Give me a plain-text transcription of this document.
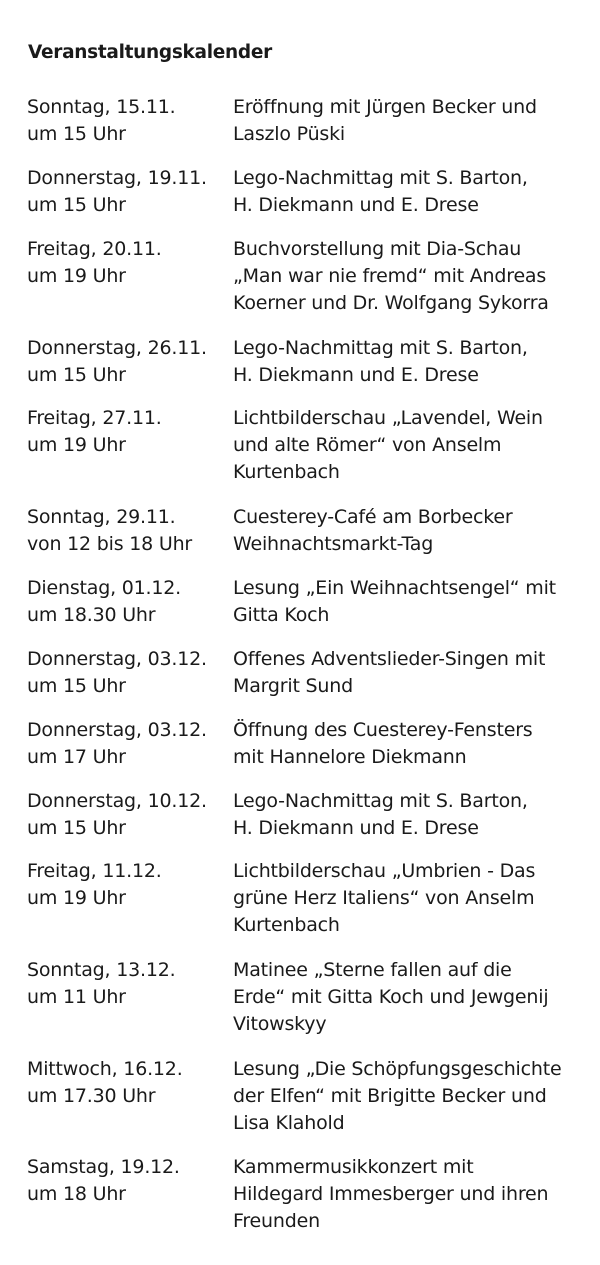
Veranstaltungskalender
Sonntag, 15.11.
um 15 Uhr
Eröffnung mit Jürgen Becker und
Laszlo Püski
Donnerstag, 19.11.
um 15 Uhr
Lego-Nachmittag mit S. Barton,
H. Diekmann und E. Drese
Freitag, 20.11.
um 19 Uhr
Buchvorstellung mit Dia-Schau
„Man war nie fremd“ mit Andreas
Koerner und Dr. Wolfgang Sykorra
Donnerstag, 26.11.
um 15 Uhr
Lego-Nachmittag mit S. Barton,
H. Diekmann und E. Drese
Freitag, 27.11.
um 19 Uhr
Lichtbilderschau „Lavendel, Wein
und alte Römer“ von Anselm
Kurtenbach
Sonntag, 29.11.
von 12 bis 18 Uhr
Cuesterey-Café am Borbecker
Weihnachtsmarkt-Tag
Dienstag, 01.12.
um 18.30 Uhr
Lesung „Ein Weihnachtsengel“ mit
Gitta Koch
Donnerstag, 03.12.
um 15 Uhr
Offenes Adventslieder-Singen mit
Margrit Sund
Donnerstag, 03.12.
um 17 Uhr
Öffnung des Cuesterey-Fensters
mit Hannelore Diekmann
Donnerstag, 10.12.
um 15 Uhr
Lego-Nachmittag mit S. Barton,
H. Diekmann und E. Drese
Freitag, 11.12.
um 19 Uhr
Lichtbilderschau „Umbrien - Das
grüne Herz Italiens“ von Anselm
Kurtenbach
Sonntag, 13.12.
um 11 Uhr
Matinee „Sterne fallen auf die
Erde“ mit Gitta Koch und Jewgenij
Vitowskyy
Mittwoch, 16.12.
um 17.30 Uhr
Lesung „Die Schöpfungsgeschichte
der Elfen“ mit Brigitte Becker und
Lisa Klahold
Samstag, 19.12.
um 18 Uhr
Kammermusikkonzert mit
Hildegard Immesberger und ihren
Freunden
